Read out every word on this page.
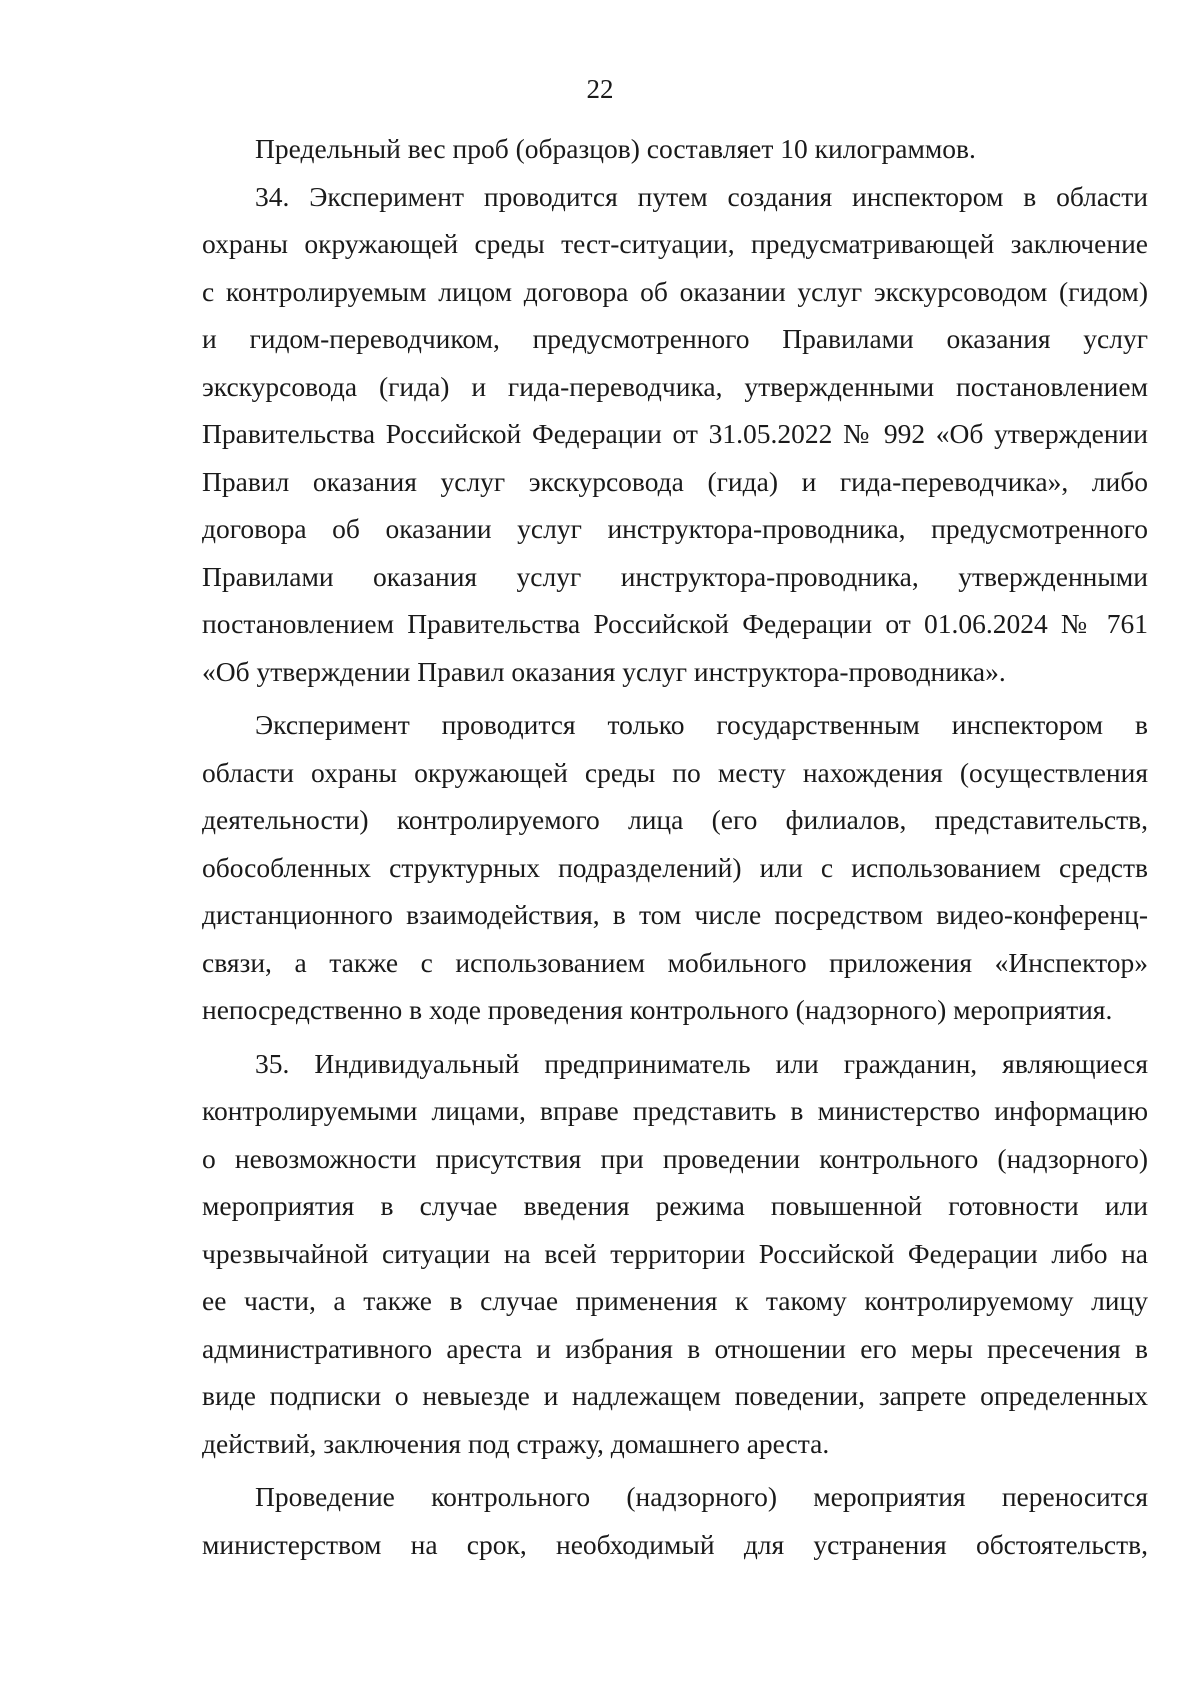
22

Предельный вес проб (образцов) составляет 10 килограммов.

34. Эксперимент проводится путем создания инспектором в области
охраны окружающей среды тест-ситуации, предусматривающей заключение
с контролируемым лицом договора об оказании услуг экскурсоводом (гидом)
и гидом-переводчиком, предусмотренного Правилами оказания услуг
экскурсовода (гида) и гида-переводчика, утвержденными постановлением
Правительства Российской Федерации от 31.05.2022 № 992 «Об утверждении
Правил оказания услуг экскурсовода (гида) и гида-переводчика», либо
договора об оказании услуг инструктора-проводника, предусмотренного
Правилами оказания услуг инструктора-проводника, утвержденными
постановлением Правительства Российской Федерации от 01.06.2024 № 761
«Об утверждении Правил оказания услуг инструктора-проводника».

Эксперимент проводится только государственным инспектором в
области охраны окружающей среды по месту нахождения (осуществления
деятельности) контролируемого лица (его филиалов, представительств,
обособленных структурных подразделений) или с использованием средств
дистанционного взаимодействия, в том числе посредством видео-конференц-
связи, а также с использованием мобильного приложения «Инспектор»
непосредственно в ходе проведения контрольного (надзорного) мероприятия.

35. Индивидуальный предприниматель или гражданин, являющиеся
контролируемыми лицами, вправе представить в министерство информацию
о невозможности присутствия при проведении контрольного (надзорного)
мероприятия в случае введения режима повышенной готовности или
чрезвычайной ситуации на всей территории Российской Федерации либо на
ее части, а также в случае применения к такому контролируемому лицу
административного ареста и избрания в отношении его меры пресечения в
виде подписки о невыезде и надлежащем поведении, запрете определенных
действий, заключения под стражу, домашнего ареста.

Проведение контрольного (надзорного) мероприятия переносится
министерством на срок, необходимый для устранения обстоятельств,
